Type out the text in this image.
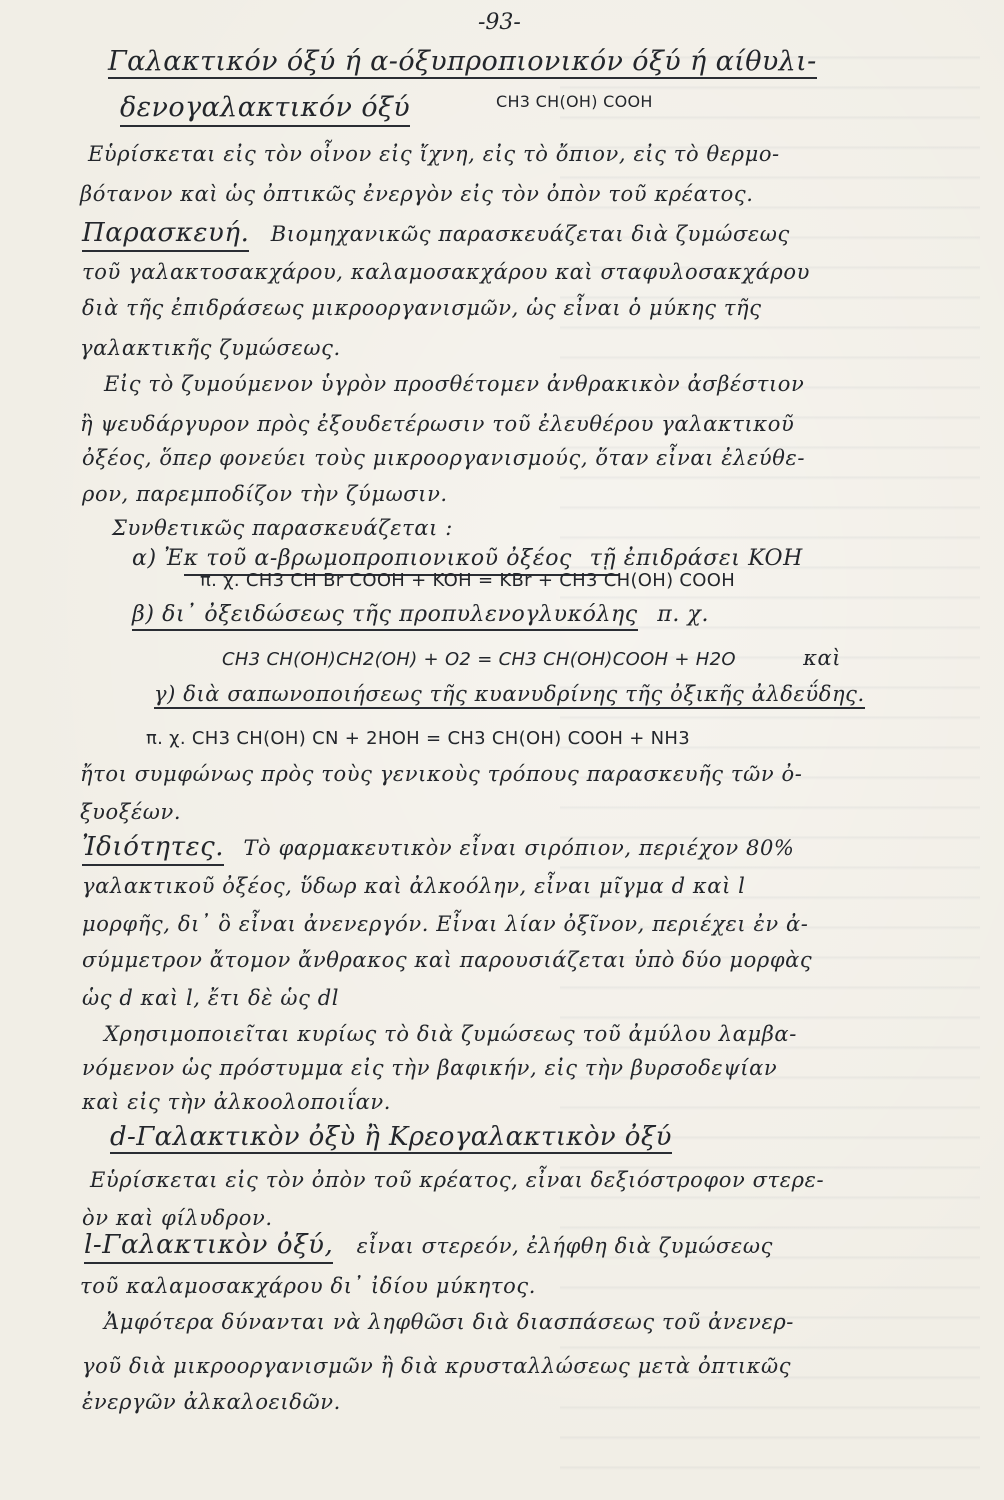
-93-
Γαλακτικόν όξύ ή α-όξυπροπιονικόν όξύ ή αίθυλι-
δενογαλακτικόν όξύ	CH3 CH(OH) COOH
Εὑρίσκεται εἰς τὸν οἶνον εἰς ἴχνη, εἰς τὸ ὄπιον, εἰς τὸ θερμο-
βότανον καὶ ὡς ὀπτικῶς ἐνεργὸν εἰς τὸν ὀπὸν τοῦ κρέατος.
Παρασκευή. Βιομηχανικῶς παρασκευάζεται διὰ ζυμώσεως
τοῦ γαλακτοσακχάρου, καλαμοσακχάρου καὶ σταφυλοσακχάρου
διὰ τῆς ἐπιδράσεως μικροοργανισμῶν, ὡς εἶναι ὁ μύκης τῆς
γαλακτικῆς ζυμώσεως.
Εἰς τὸ ζυμούμενον ὑγρὸν προσθέτομεν ἀνθρακικὸν ἀσβέστιον
ἢ ψευδάργυρον πρὸς ἐξουδετέρωσιν τοῦ ἐλευθέρου γαλακτικοῦ
ὀξέος, ὅπερ φονεύει τοὺς μικροοργανισμούς, ὅταν εἶναι ἐλεύθε-
ρον, παρεμποδίζον τὴν ζύμωσιν.
Συνθετικῶς παρασκευάζεται :
α) Ἐκ τοῦ α-βρωμοπροπιονικοῦ ὀξέος τῇ ἐπιδράσει KOH
π. χ. CH3 CH Br COOH + KOH = KBr + CH3 CH(OH) COOH
β) δι᾽ ὀξειδώσεως τῆς προπυλενογλυκόλης π. χ.
CH3 CH(OH)CH2(OH) + O2 = CH3 CH(OH)COOH + H2O	καὶ
γ) διὰ σαπωνοποιήσεως τῆς κυανυδρίνης τῆς ὀξικῆς ἀλδεΰδης.
π. χ. CH3 CH(OH) CN + 2HOH = CH3 CH(OH) COOH + NH3
ἤτοι συμφώνως πρὸς τοὺς γενικοὺς τρόπους παρασκευῆς τῶν ὀ-
ξυοξέων.
Ἰδιότητες. Τὸ φαρμακευτικὸν εἶναι σιρόπιον, περιέχον 80%
γαλακτικοῦ ὀξέος, ὕδωρ καὶ ἀλκοόλην, εἶναι μῖγμα d καὶ l
μορφῆς, δι᾽ ὃ εἶναι ἀνενεργόν. Εἶναι λίαν ὀξῖνον, περιέχει ἐν ἀ-
σύμμετρον ἄτομον ἄνθρακος καὶ παρουσιάζεται ὑπὸ δύο μορφὰς
ὡς d καὶ l, ἔτι δὲ ὡς dl
Χρησιμοποιεῖται κυρίως τὸ διὰ ζυμώσεως τοῦ ἀμύλου λαμβα-
νόμενον ὡς πρόστυμμα εἰς τὴν βαφικήν, εἰς τὴν βυρσοδεψίαν
καὶ εἰς τὴν ἀλκοολοποιΐαν.
d-Γαλακτικὸν ὀξὺ ἢ Κρεογαλακτικὸν ὀξύ
Εὑρίσκεται εἰς τὸν ὀπὸν τοῦ κρέατος, εἶναι δεξιόστροφον στερε-
ὸν καὶ φίλυδρον.
l-Γαλακτικὸν ὀξύ, εἶναι στερεόν, ἐλήφθη διὰ ζυμώσεως
τοῦ καλαμοσακχάρου δι᾽ ἰδίου μύκητος.
Ἀμφότερα δύνανται νὰ ληφθῶσι διὰ διασπάσεως τοῦ ἀνενερ-
γοῦ διὰ μικροοργανισμῶν ἢ διὰ κρυσταλλώσεως μετὰ ὀπτικῶς
ἐνεργῶν ἀλκαλοειδῶν.
